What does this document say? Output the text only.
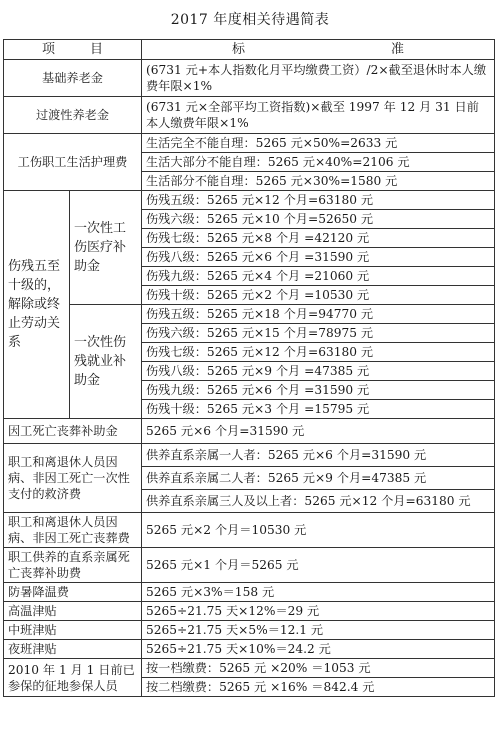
2017 年度相关待遇简表
项 目		标 准

基础养老金		(6731 元+本人指数化月平均缴费工资）/2×截至退休时本人缴费年限×1%
过渡性养老金		(6731 元×全部平均工资指数)×截至 1997 年 12 月 31 日前本人缴费年限×1%
工伤职工生活护理费		生活完全不能自理：5265 元×50%=2633 元
		生活大部分不能自理：5265 元×40%=2106 元
		生活部分不能自理：5265 元×30%=1580 元
伤残五至十级的，解除或终止劳动关系	一次性工伤医疗补助金	伤残五级：5265 元×12 个月=63180 元
		伤残六级：5265 元×10 个月=52650 元
		伤残七级：5265 元×8 个月 =42120 元
		伤残八级：5265 元×6 个月 =31590 元
		伤残九级：5265 元×4 个月 =21060 元
		伤残十级：5265 元×2 个月 =10530 元
	一次性伤残就业补助金	伤残五级：5265 元×18 个月=94770 元
		伤残六级：5265 元×15 个月=78975 元
		伤残七级：5265 元×12 个月=63180 元
		伤残八级：5265 元×9 个月 =47385 元
		伤残九级：5265 元×6 个月 =31590 元
		伤残十级：5265 元×3 个月 =15795 元
因工死亡丧葬补助金		5265 元×6 个月=31590 元
职工和离退休人员因病、非因工死亡一次性支付的救济费		供养直系亲属一人者：5265 元×6 个月=31590 元
		供养直系亲属二人者：5265 元×9 个月=47385 元
		供养直系亲属三人及以上者：5265 元×12 个月=63180 元
职工和离退休人员因病、非因工死亡丧葬费		5265 元×2 个月＝10530 元
职工供养的直系亲属死亡丧葬补助费		5265 元×1 个月＝5265 元
防暑降温费		5265 元×3%＝158 元
高温津贴		5265÷21.75 天×12%＝29 元
中班津贴		5265÷21.75 天×5%＝12.1 元
夜班津贴		5265÷21.75 天×10%＝24.2 元
2010 年 1 月 1 日前已参保的征地参保人员		按一档缴费：5265 元 ×20% ＝1053 元
		按二档缴费：5265 元 ×16% ＝842.4 元
